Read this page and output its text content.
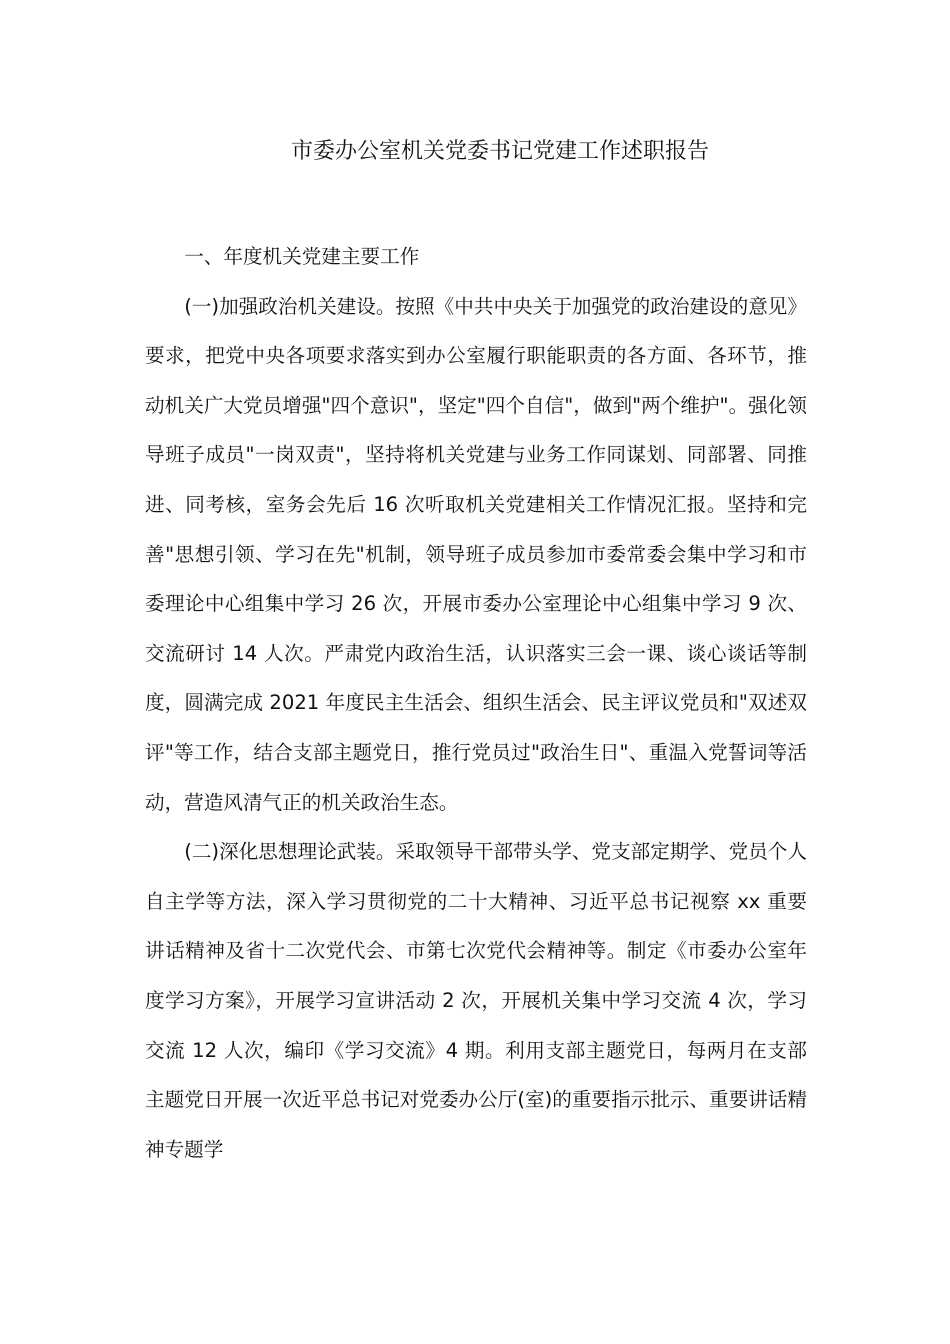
市委办公室机关党委书记党建工作述职报告

一、年度机关党建主要工作

(一)加强政治机关建设。按照《中共中央关于加强党的政治建设的意见》要求，把党中央各项要求落实到办公室履行职能职责的各方面、各环节，推动机关广大党员增强"四个意识"，坚定"四个自信"，做到"两个维护"。强化领导班子成员"一岗双责"，坚持将机关党建与业务工作同谋划、同部署、同推进、同考核，室务会先后 16 次听取机关党建相关工作情况汇报。坚持和完善"思想引领、学习在先"机制，领导班子成员参加市委常委会集中学习和市委理论中心组集中学习 26 次，开展市委办公室理论中心组集中学习 9 次、交流研讨 14 人次。严肃党内政治生活，认识落实三会一课、谈心谈话等制度，圆满完成 2021 年度民主生活会、组织生活会、民主评议党员和"双述双评"等工作，结合支部主题党日，推行党员过"政治生日"、重温入党誓词等活动，营造风清气正的机关政治生态。

(二)深化思想理论武装。采取领导干部带头学、党支部定期学、党员个人自主学等方法，深入学习贯彻党的二十大精神、习近平总书记视察 xx 重要讲话精神及省十二次党代会、市第七次党代会精神等。制定《市委办公室年度学习方案》，开展学习宣讲活动 2 次，开展机关集中学习交流 4 次，学习交流 12 人次，编印《学习交流》4 期。利用支部主题党日，每两月在支部主题党日开展一次近平总书记对党委办公厅(室)的重要指示批示、重要讲话精神专题学
